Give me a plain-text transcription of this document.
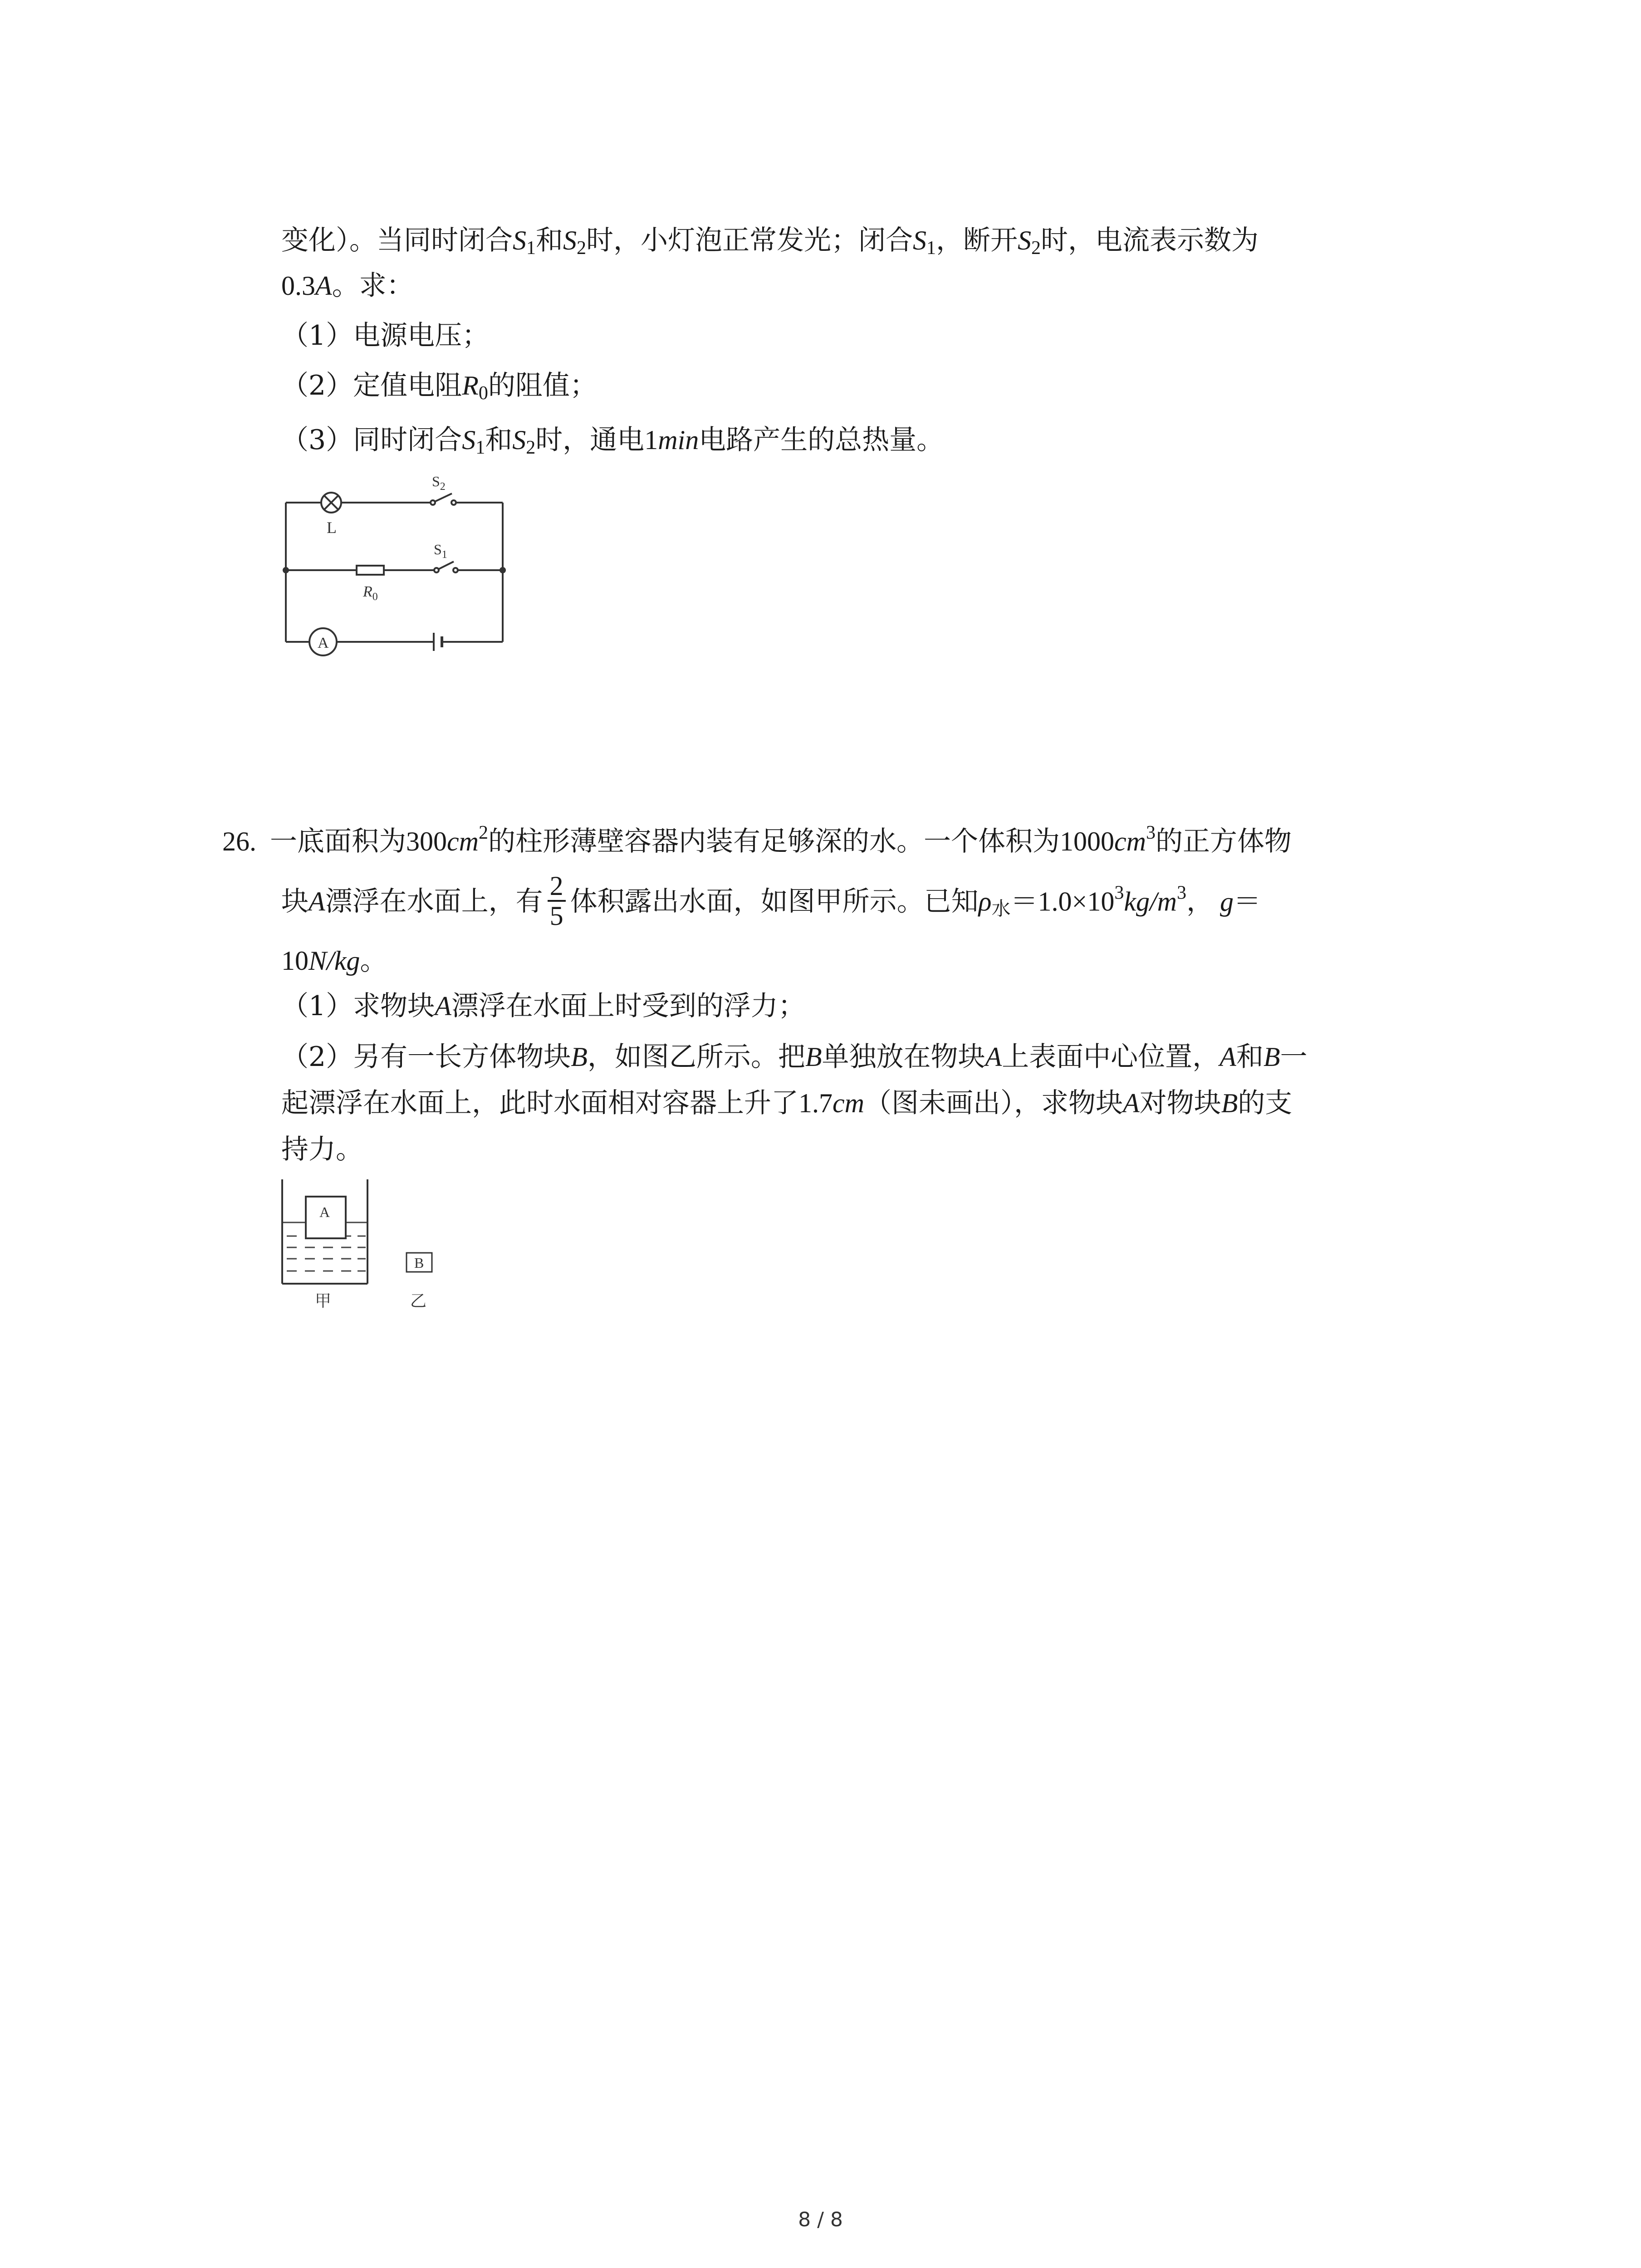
变化）。当同时闭合$S_1$和$S_2$时，小灯泡正常发光；闭合$S_1$，断开$S_2$时，电流表示数为
0.3A。求：
（1）电源电压；
（2）定值电阻$R_0$的阻值；
（3）同时闭合$S_1$和$S_2$时，通电1min电路产生的总热量。
L
$S_2$
$R_0$
$S_1$
A
26. 一底面积为$300cm^2$的柱形薄壁容器内装有足够深的水。一个体积为$1000cm^3$的正方体物
块A漂浮在水面上，有 $\frac{2}{5}$ 体积露出水面，如图甲所示。已知$\rho_水=1.0\times 10^3kg/m^3$， g＝
10N/kg。
（1）求物块A漂浮在水面上时受到的浮力；
（2）另有一长方体物块B，如图乙所示。把B单独放在物块A上表面中心位置，A和B一
起漂浮在水面上，此时水面相对容器上升了1.7cm（图未画出），求物块A对物块B的支
持力。
A
B
甲	乙
8 / 8
